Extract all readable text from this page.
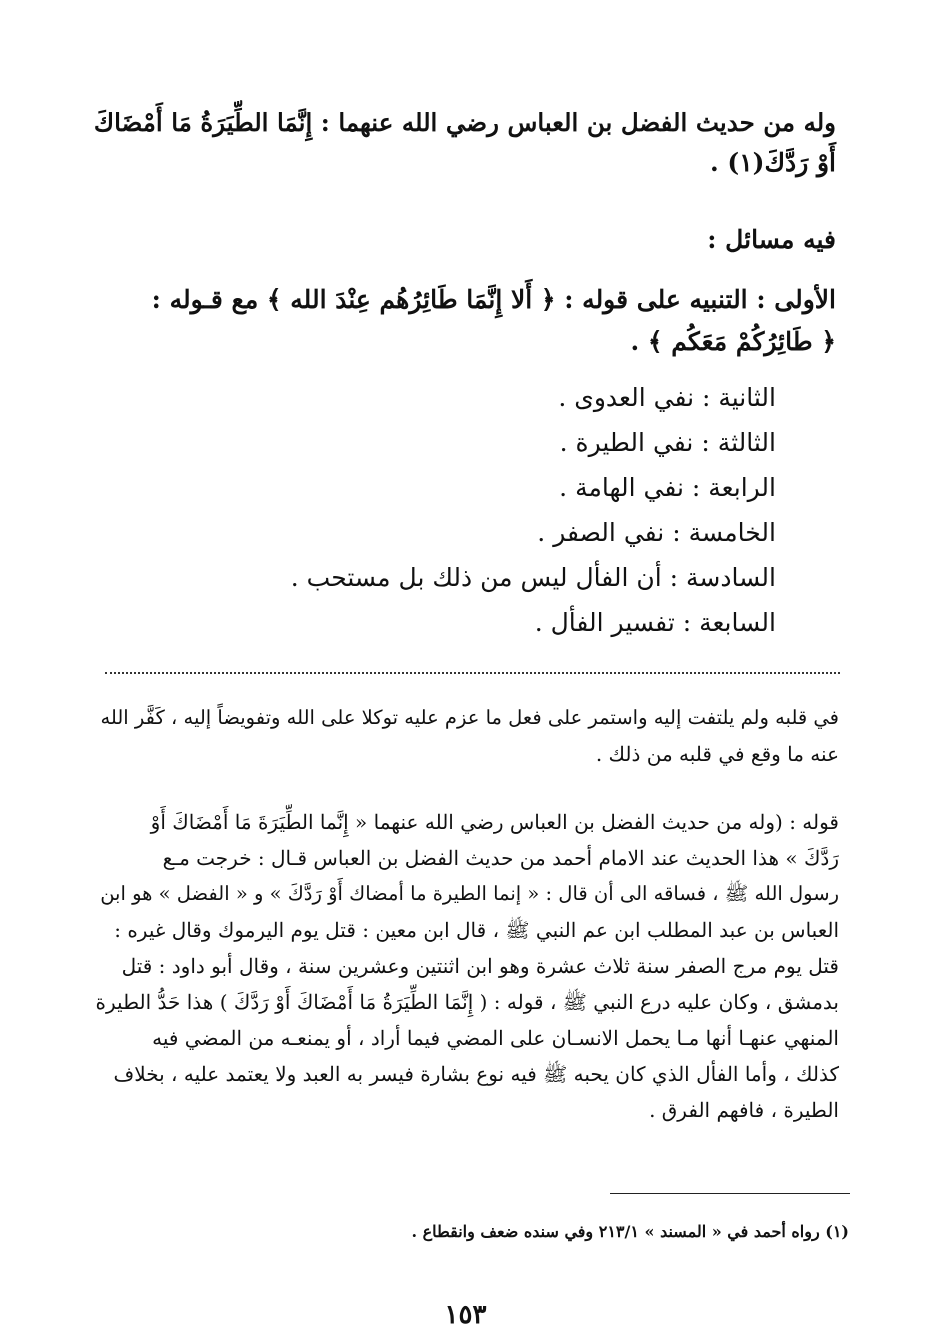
وله من حديث الفضل بن العباس رضي الله عنهما : إِنَّمَا الطِّيَرَةُ مَا أَمْضَاكَ
أَوْ رَدَّكَ(١) .
فيه مسائل :
الأولى : التنبيه على قوله : ﴿ أَلا إِنَّمَا طَائِرُهُم عِنْدَ الله ﴾ مع قـوله :
﴿ طَائِرُكُمْ مَعَكُم ﴾ .
الثانية : نفي العدوى .
الثالثة : نفي الطيرة .
الرابعة : نفي الهامة .
الخامسة : نفي الصفر .
السادسة : أن الفأل ليس من ذلك بل مستحب .
السابعة : تفسير الفأل .
في قلبه ولم يلتفت إليه واستمر على فعل ما عزم عليه توكلا على الله وتفويضاً إليه ، كَفَّر الله
عنه ما وقع في قلبه من ذلك .
قوله : (وله من حديث الفضل بن العباس رضي الله عنهما « إِنَّما الطِّيَرَةَ مَا أَمْضَاكَ أَوْ
رَدَّكَ » هذا الحديث عند الامام أحمد من حديث الفضل بن العباس قـال : خرجت مـع
رسول الله ﷺ ، فساقه الى أن قال : « إنما الطيرة ما أمضاك أَوْ رَدَّكَ » و « الفضل » هو ابن
العباس بن عبد المطلب ابن عم النبي ﷺ ، قال ابن معين : قتل يوم اليرموك وقال غيره :
قتل يوم مرج الصفر سنة ثلاث عشرة وهو ابن اثنتين وعشرين سنة ، وقال أبو داود : قتل
بدمشق ، وكان عليه درع النبي ﷺ ، قوله : ( إِنَّمَا الطِّيَرَةُ مَا أَمْضَاكَ أَوْ رَدَّكَ ) هذا حَدُّ الطيرة
المنهي عنهـا أنها مـا يحمل الانسـان على المضي فيما أراد ، أو يمنعـه من المضي فيه
كذلك ، وأما الفأل الذي كان يحبه ﷺ فيه نوع بشارة فيسر به العبد ولا يعتمد عليه ، بخلاف
الطيرة ، فافهم الفرق .
(١) رواه أحمد في « المسند » ٢١٣/١ وفي سنده ضعف وانقطاع .
١٥٣
